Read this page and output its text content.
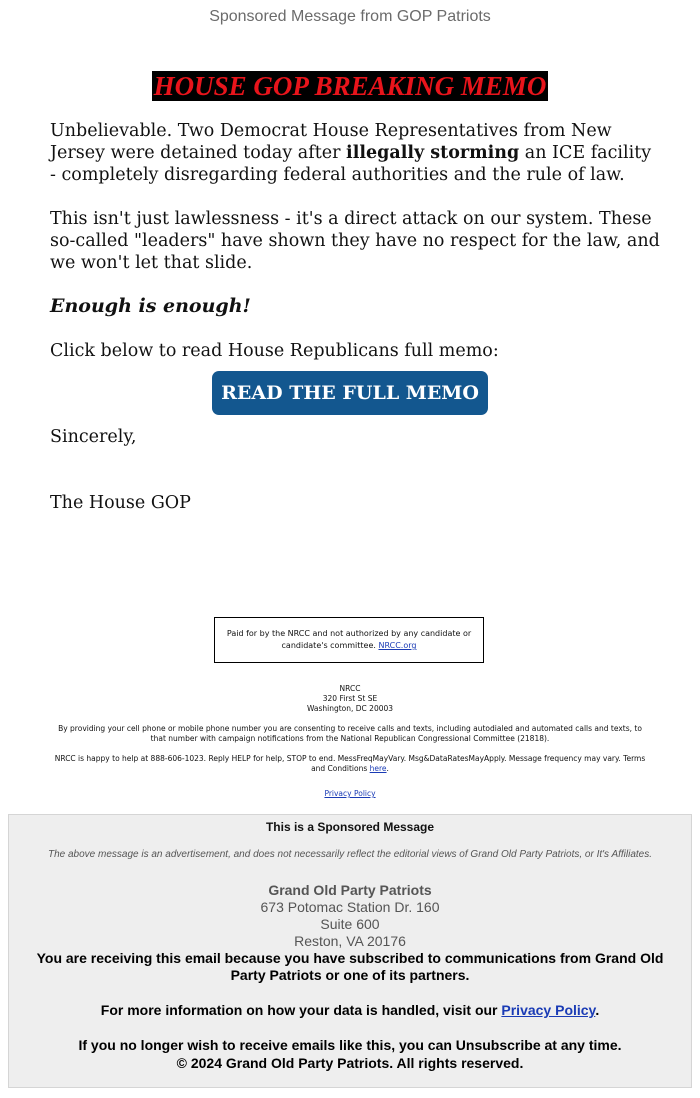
Sponsored Message from GOP Patriots
HOUSE GOP BREAKING MEMO

Unbelievable. Two Democrat House Representatives from New Jersey were detained today after illegally storming an ICE facility - completely disregarding federal authorities and the rule of law.

This isn't just lawlessness - it's a direct attack on our system. These so-called "leaders" have shown they have no respect for the law, and we won't let that slide.

Enough is enough!

Click below to read House Republicans full memo:

READ THE FULL MEMO

Sincerely,

The House GOP

Paid for by the NRCC and not authorized by any candidate or candidate's committee. NRCC.org
NRCC
320 First St SE
Washington, DC 20003
By providing your cell phone or mobile phone number you are consenting to receive calls and texts, including autodialed and automated calls and texts, to that number with campaign notifications from the National Republican Congressional Committee (21818).
NRCC is happy to help at 888-606-1023. Reply HELP for help, STOP to end. MessFreqMayVary. Msg&DataRatesMayApply. Message frequency may vary. Terms and Conditions here.
Privacy Policy
This is a Sponsored Message
The above message is an advertisement, and does not necessarily reflect the editorial views of Grand Old Party Patriots, or It's Affiliates.
Grand Old Party Patriots
673 Potomac Station Dr. 160
Suite 600
Reston, VA 20176
You are receiving this email because you have subscribed to communications from Grand Old Party Patriots or one of its partners.
For more information on how your data is handled, visit our Privacy Policy.
If you no longer wish to receive emails like this, you can Unsubscribe at any time.
© 2024 Grand Old Party Patriots. All rights reserved.
